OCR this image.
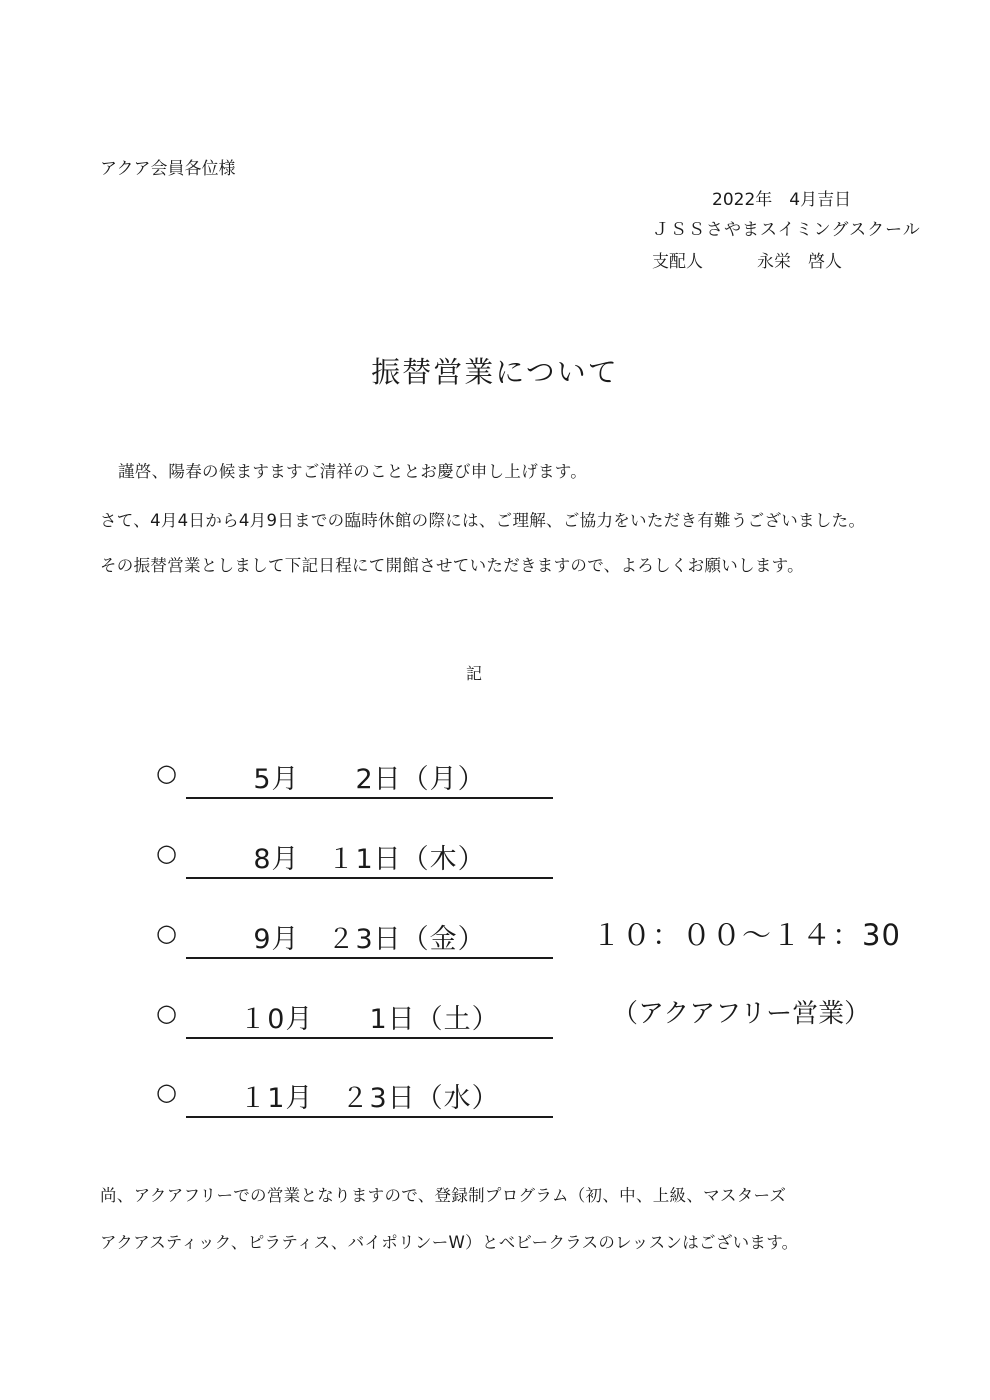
アクア会員各位様
2022年　4月吉日
ＪＳＳさやまスイミングスクール
支配人	永栄　啓人
振替営業について
謹啓、陽春の候ますますご清祥のこととお慶び申し上げます。
さて、4月4日から4月9日までの臨時休館の際には、ご理解、ご協力をいただき有難うございました。
その振替営業としまして下記日程にて開館させていただきますので、よろしくお願いします。
記
○	5月　　2日（月）
○	8月　１1日（木）
○	9月　２3日（金）
○	１0月　　1日（土）
○	１1月　２3日（水）
１０：００～１４：30
（アクアフリー営業）
尚、アクアフリーでの営業となりますので、登録制プログラム（初、中、上級、マスターズ
アクアスティック、ピラティス、バイポリンーW）とベビークラスのレッスンはございます。
